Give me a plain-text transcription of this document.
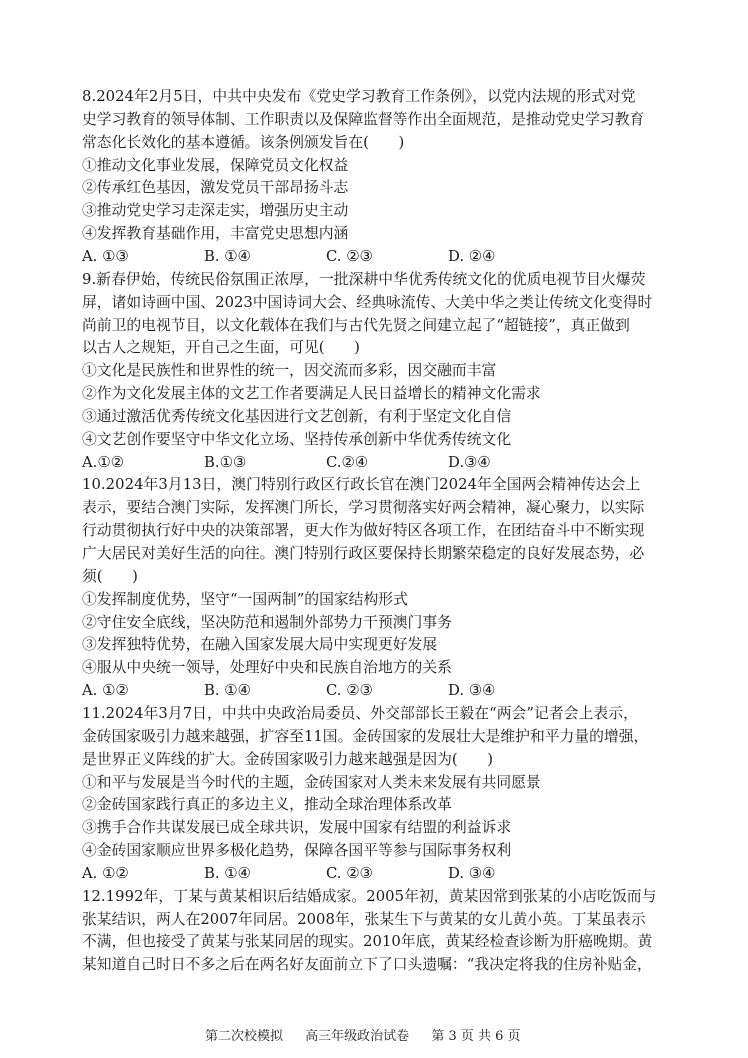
8.2024年2月5日，中共中央发布《党史学习教育工作条例》，以党内法规的形式对党
史学习教育的领导体制、工作职责以及保障监督等作出全面规范，是推动党史学习教育
常态化长效化的基本遵循。该条例颁发旨在(　　)
①推动文化事业发展，保障党员文化权益
②传承红色基因，激发党员干部昂扬斗志
③推动党史学习走深走实，增强历史主动
④发挥教育基础作用，丰富党史思想内涵
A. ①③	B. ①④	C. ②③	D. ②④
9.新春伊始，传统民俗氛围正浓厚，一批深耕中华优秀传统文化的优质电视节目火爆荧
屏，诸如诗画中国、2023中国诗词大会、经典咏流传、大美中华之类让传统文化变得时
尚前卫的电视节目，以文化载体在我们与古代先贤之间建立起了“超链接”，真正做到
以古人之规矩，开自己之生面，可见(　　)
①文化是民族性和世界性的统一，因交流而多彩，因交融而丰富
②作为文化发展主体的文艺工作者要满足人民日益增长的精神文化需求
③通过激活优秀传统文化基因进行文艺创新，有利于坚定文化自信
④文艺创作要坚守中华文化立场、坚持传承创新中华优秀传统文化
A.①②	B.①③	C.②④	D.③④
10.2024年3月13日，澳门特别行政区行政长官在澳门2024年全国两会精神传达会上
表示，要结合澳门实际，发挥澳门所长，学习贯彻落实好两会精神，凝心聚力，以实际
行动贯彻执行好中央的决策部署，更大作为做好特区各项工作，在团结奋斗中不断实现
广大居民对美好生活的向往。澳门特别行政区要保持长期繁荣稳定的良好发展态势，必
须(　　)
①发挥制度优势，坚守“一国两制”的国家结构形式
②守住安全底线，坚决防范和遏制外部势力干预澳门事务
③发挥独特优势，在融入国家发展大局中实现更好发展
④服从中央统一领导，处理好中央和民族自治地方的关系
A. ①②	B. ①④	C. ②③	D. ③④
11.2024年3月7日，中共中央政治局委员、外交部部长王毅在“两会”记者会上表示，
金砖国家吸引力越来越强，扩容至11国。金砖国家的发展壮大是维护和平力量的增强，
是世界正义阵线的扩大。金砖国家吸引力越来越强是因为(　　)
①和平与发展是当今时代的主题，金砖国家对人类未来发展有共同愿景
②金砖国家践行真正的多边主义，推动全球治理体系改革
③携手合作共谋发展已成全球共识，发展中国家有结盟的利益诉求
④金砖国家顺应世界多极化趋势，保障各国平等参与国际事务权利
A. ①②	B. ①④	C. ②③	D. ③④
12.1992年，丁某与黄某相识后结婚成家。2005年初，黄某因常到张某的小店吃饭而与
张某结识，两人在2007年同居。2008年，张某生下与黄某的女儿黄小英。丁某虽表示
不满，但也接受了黄某与张某同居的现实。2010年底，黄某经检查诊断为肝癌晚期。黄
某知道自己时日不多之后在两名好友面前立下了口头遗嘱：“我决定将我的住房补贴金，
第二次校模拟 高三年级政治试卷 第 3 页 共 6 页
